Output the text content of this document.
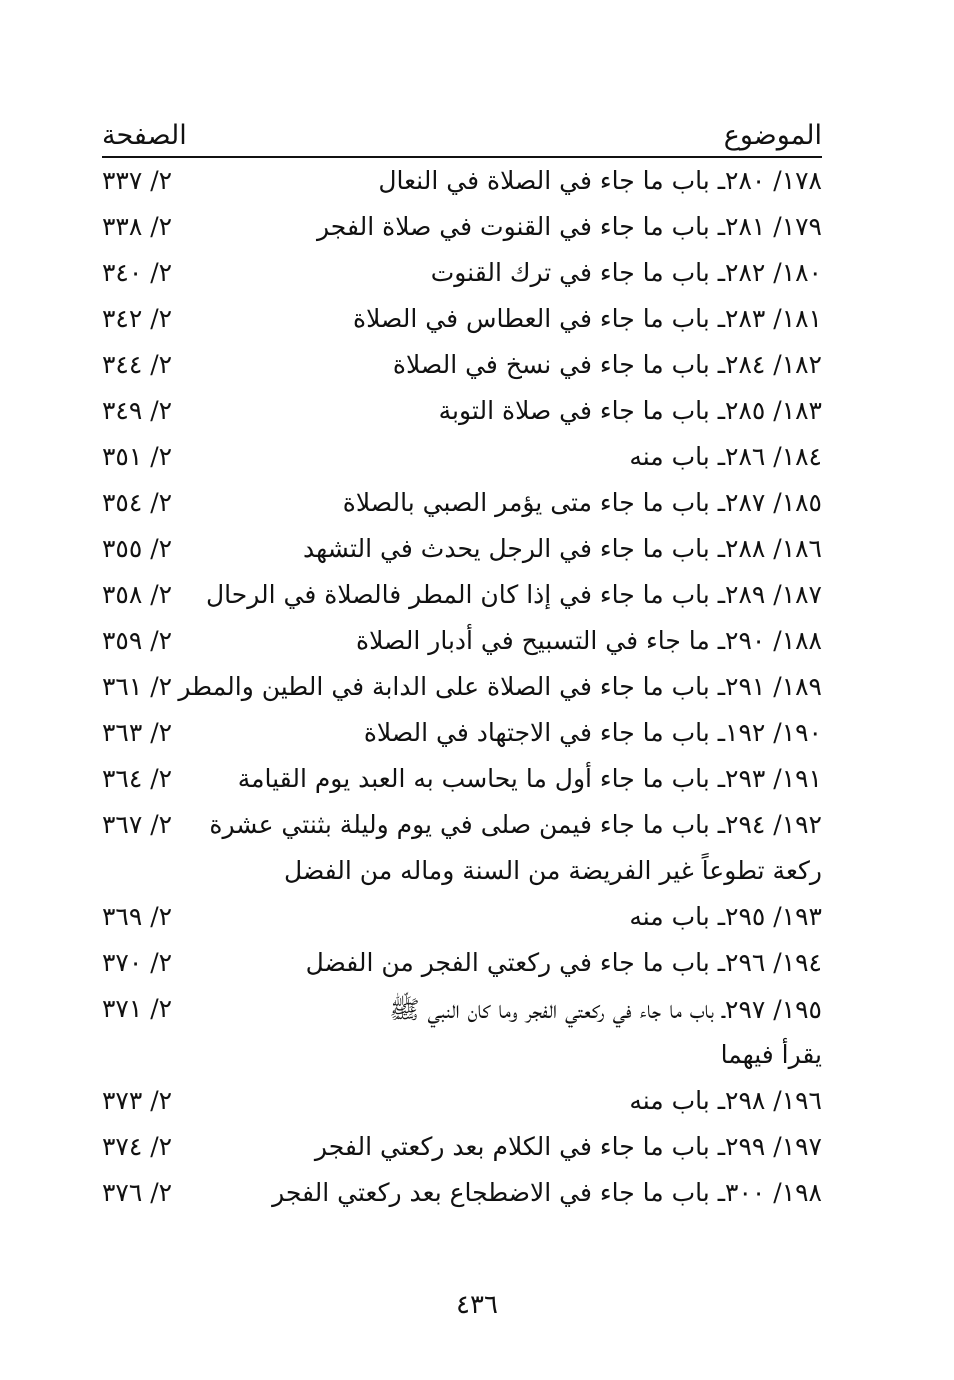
الموضوع
الصفحة
١٧٨/ ٢٨٠ـ باب ما جاء في الصلاة في النعال
٢/ ٣٣٧
١٧٩/ ٢٨١ـ باب ما جاء في القنوت في صلاة الفجر
٢/ ٣٣٨
١٨٠/ ٢٨٢ـ باب ما جاء في ترك القنوت
٢/ ٣٤٠
١٨١/ ٢٨٣ـ باب ما جاء في العطاس في الصلاة
٢/ ٣٤٢
١٨٢/ ٢٨٤ـ باب ما جاء في نسخ في الصلاة
٢/ ٣٤٤
١٨٣/ ٢٨٥ـ باب ما جاء في صلاة التوبة
٢/ ٣٤٩
١٨٤/ ٢٨٦ـ باب منه
٢/ ٣٥١
١٨٥/ ٢٨٧ـ باب ما جاء متى يؤمر الصبي بالصلاة
٢/ ٣٥٤
١٨٦/ ٢٨٨ـ باب ما جاء في الرجل يحدث في التشهد
٢/ ٣٥٥
١٨٧/ ٢٨٩ـ باب ما جاء في إذا كان المطر فالصلاة في الرحال
٢/ ٣٥٨
١٨٨/ ٢٩٠ـ ما جاء في التسبيح في أدبار الصلاة
٢/ ٣٥٩
١٨٩/ ٢٩١ـ باب ما جاء في الصلاة على الدابة في الطين والمطر
٢/ ٣٦١
١٩٠/ ١٩٢ـ باب ما جاء في الاجتهاد في الصلاة
٢/ ٣٦٣
١٩١/ ٢٩٣ـ باب ما جاء أول ما يحاسب به العبد يوم القيامة
٢/ ٣٦٤
١٩٢/ ٢٩٤ـ باب ما جاء فيمن صلى في يوم وليلة بثنتي عشرة
٢/ ٣٦٧
ركعة تطوعاً غير الفريضة من السنة وماله من الفضل
١٩٣/ ٢٩٥ـ باب منه
٢/ ٣٦٩
١٩٤/ ٢٩٦ـ باب ما جاء في ركعتي الفجر من الفضل
٢/ ٣٧٠
١٩٥/ ٢٩٧ـ باب ما جاء في ركعتي الفجر وما كان النبي ﷺ
٢/ ٣٧١
يقرأ فيهما
١٩٦/ ٢٩٨ـ باب منه
٢/ ٣٧٣
١٩٧/ ٢٩٩ـ باب ما جاء في الكلام بعد ركعتي الفجر
٢/ ٣٧٤
١٩٨/ ٣٠٠ـ باب ما جاء في الاضطجاع بعد ركعتي الفجر
٢/ ٣٧٦
٤٣٦
